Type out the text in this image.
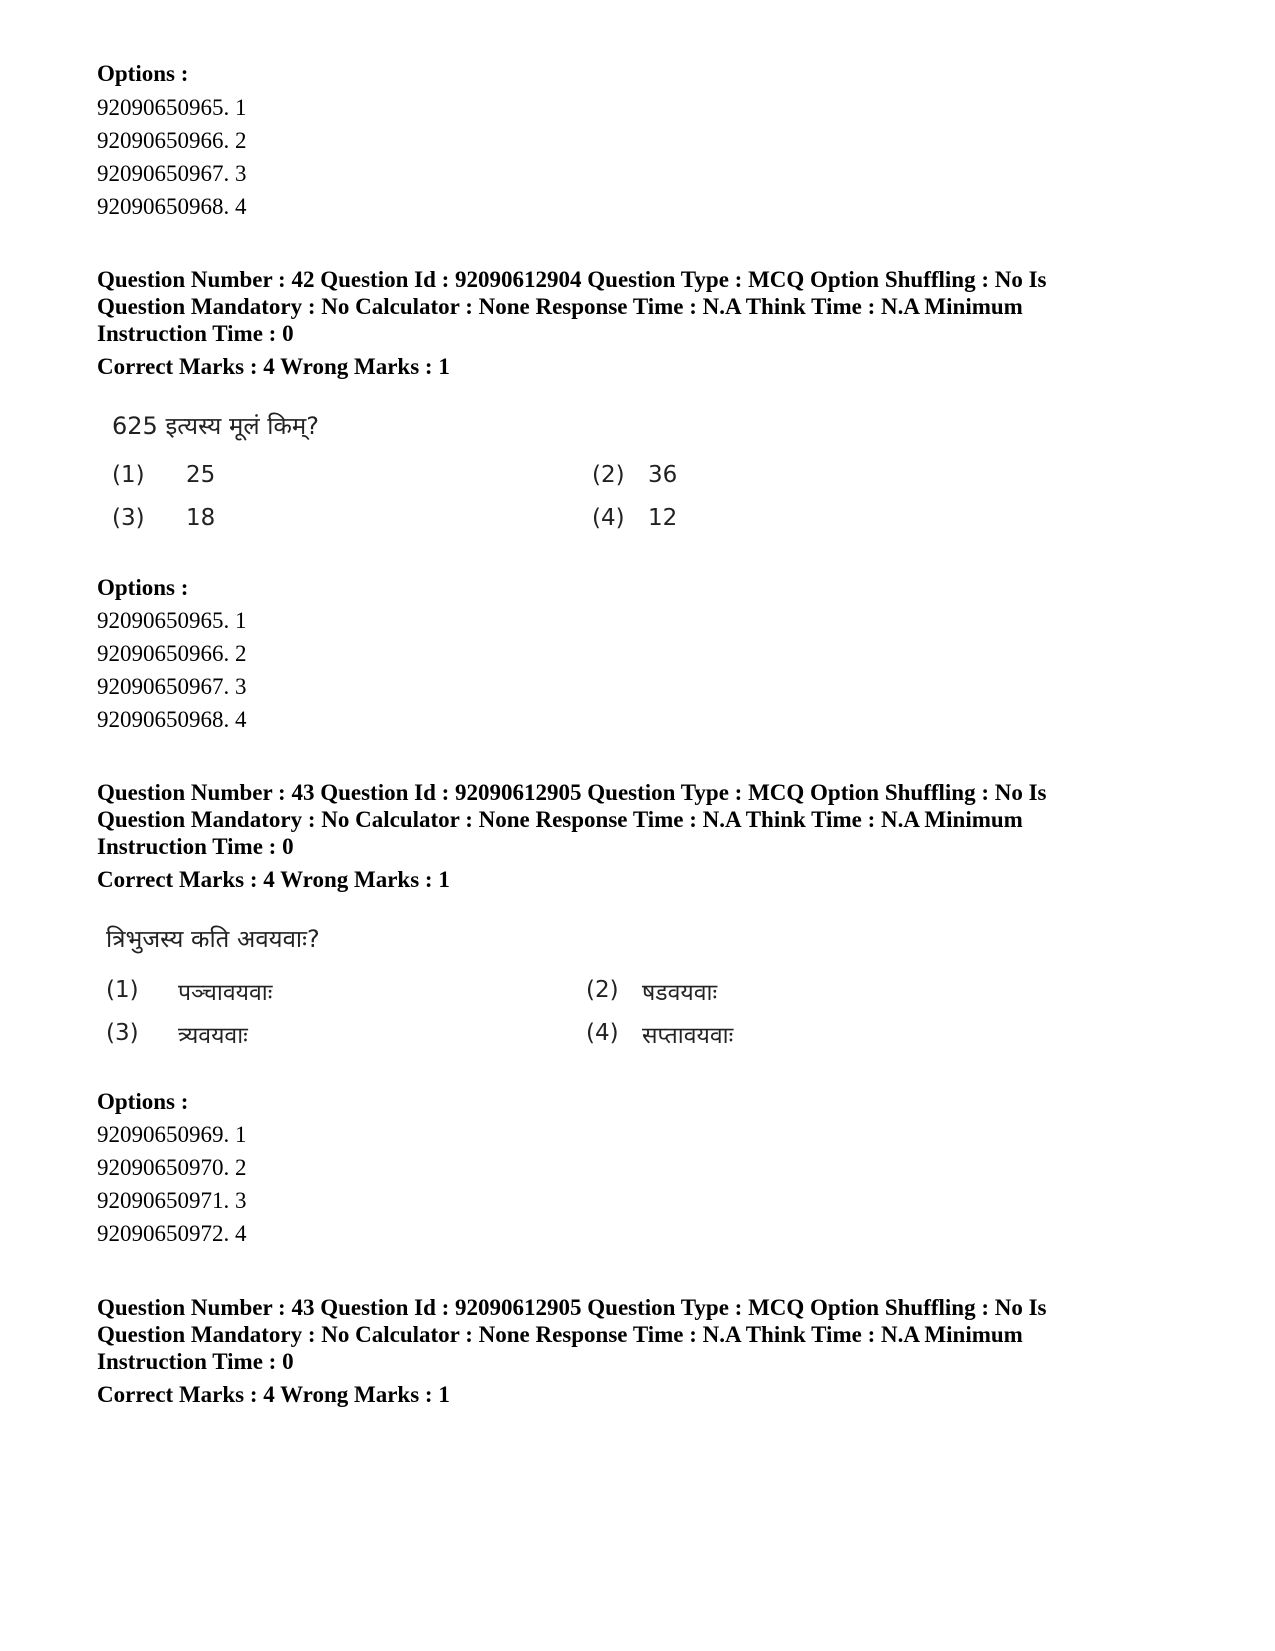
Options :
92090650965. 1
92090650966. 2
92090650967. 3
92090650968. 4
Question Number : 42 Question Id : 92090612904 Question Type : MCQ Option Shuffling : No Is
Question Mandatory : No Calculator : None Response Time : N.A Think Time : N.A Minimum
Instruction Time : 0
Correct Marks : 4 Wrong Marks : 1
625 इत्यस्य मूलं किम्?
(1) 25	(2) 36
(3) 18	(4) 12
Options :
92090650965. 1
92090650966. 2
92090650967. 3
92090650968. 4
Question Number : 43 Question Id : 92090612905 Question Type : MCQ Option Shuffling : No Is
Question Mandatory : No Calculator : None Response Time : N.A Think Time : N.A Minimum
Instruction Time : 0
Correct Marks : 4 Wrong Marks : 1
त्रिभुजस्य कति अवयवाः?
(1) पञ्चावयवाः	(2) षडवयवाः
(3) त्र्यवयवाः	(4) सप्तावयवाः
Options :
92090650969. 1
92090650970. 2
92090650971. 3
92090650972. 4
Question Number : 43 Question Id : 92090612905 Question Type : MCQ Option Shuffling : No Is
Question Mandatory : No Calculator : None Response Time : N.A Think Time : N.A Minimum
Instruction Time : 0
Correct Marks : 4 Wrong Marks : 1
